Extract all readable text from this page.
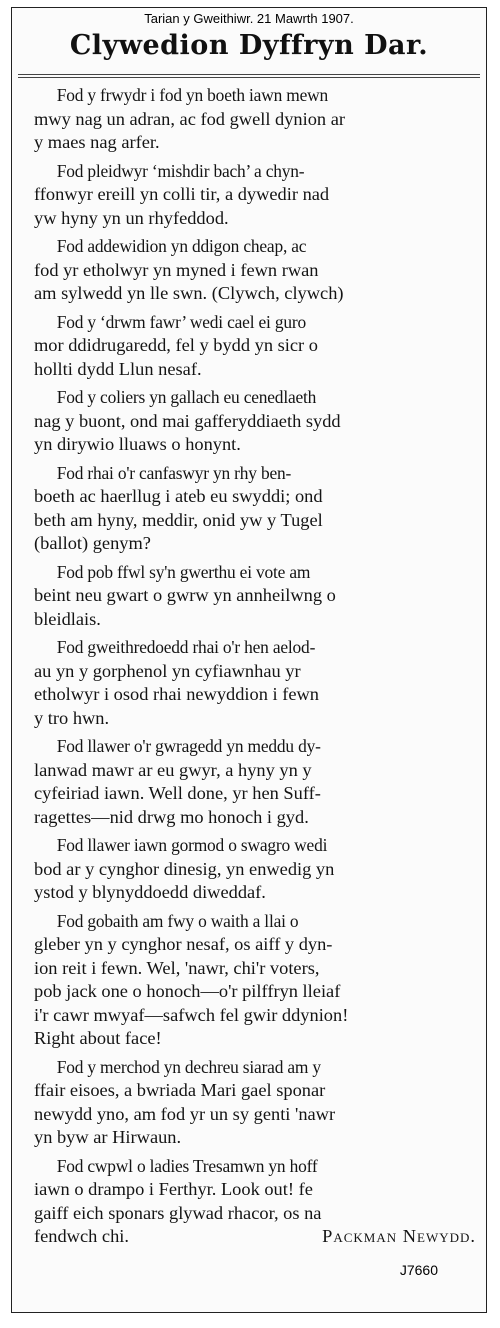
Tarian y Gweithiwr. 21 Mawrth 1907.
Clywedion Dyffryn Dar.
Fod y frwydr i fod yn boeth iawn mewn
mwy nag un adran, ac fod gwell dynion ar
y maes nag arfer.
Fod pleidwyr ‘mishdir bach’ a chyn-
ffonwyr ereill yn colli tir, a dywedir nad
yw hyny yn un rhyfeddod.
Fod addewidion yn ddigon cheap, ac
fod yr etholwyr yn myned i fewn rwan
am sylwedd yn lle swn. (Clywch, clywch)
Fod y ‘drwm fawr’ wedi cael ei guro
mor ddidrugaredd, fel y bydd yn sicr o
hollti dydd Llun nesaf.
Fod y coliers yn gallach eu cenedlaeth
nag y buont, ond mai gafferyddiaeth sydd
yn dirywio lluaws o honynt.
Fod rhai o'r canfaswyr yn rhy ben-
boeth ac haerllug i ateb eu swyddi; ond
beth am hyny, meddir, onid yw y Tugel
(ballot) genym?
Fod pob ffwl sy'n gwerthu ei vote am
beint neu gwart o gwrw yn annheilwng o
bleidlais.
Fod gweithredoedd rhai o'r hen aelod-
au yn y gorphenol yn cyfiawnhau yr
etholwyr i osod rhai newyddion i fewn
y tro hwn.
Fod llawer o'r gwragedd yn meddu dy-
lanwad mawr ar eu gwyr, a hyny yn y
cyfeiriad iawn. Well done, yr hen Suff-
ragettes—nid drwg mo honoch i gyd.
Fod llawer iawn gormod o swagro wedi
bod ar y cynghor dinesig, yn enwedig yn
ystod y blynyddoedd diweddaf.
Fod gobaith am fwy o waith a llai o
gleber yn y cynghor nesaf, os aiff y dyn-
ion reit i fewn. Wel, 'nawr, chi'r voters,
pob jack one o honoch—o'r pilffryn lleiaf
i'r cawr mwyaf—safwch fel gwir ddynion!
Right about face!
Fod y merchod yn dechreu siarad am y
ffair eisoes, a bwriada Mari gael sponar
newydd yno, am fod yr un sy genti 'nawr
yn byw ar Hirwaun.
Fod cwpwl o ladies Tresamwn yn hoff
iawn o drampo i Ferthyr. Look out! fe
gaiff eich sponars glywad rhacor, os na
fendwch chi.	Packman Newydd.
J7660
